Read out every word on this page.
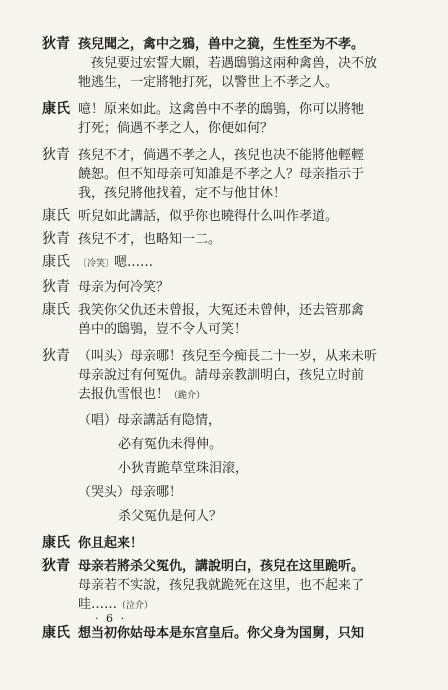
狄 青 孩兒聞之，禽中之鴉，兽中之獍，生性至为不孝。
孩兒要过宏誓大願，若遇鴟鴞这兩种禽兽，决不放
牠逃生，一定將牠打死，以警世上不孝之人。
康 氏 噫！原来如此。这禽兽中不孝的鴟鴞，你可以將牠
打死；倘遇不孝之人，你便如何？
狄 青 孩兒不才，倘遇不孝之人，孩兒也决不能將他輕輕
饒恕。但不知母亲可知誰是不孝之人？母亲指示于
我，孩兒將他找着，定不与他甘休！
康 氏 听兒如此講話，似乎你也曉得什么叫作孝道。
狄 青 孩兒不才，也略知一二。
康 氏 〔冷笑〕嗯……
狄 青 母亲为何冷笑？
康 氏 我笑你父仇还未曾报，大冤还未曾伸，还去管那禽
兽中的鴟鴞，豈不令人可笑！
狄 青 （叫头）母亲哪！孩兒至今痴長二十一岁，从来未听
母亲說过有何冤仇。請母亲教訓明白，孩兒立时前
去报仇雪恨也！（跪介）
（唱）母亲講話有隐情，
必有冤仇未得伸。
小狄青跪草堂珠泪滚，
（哭头）母亲哪！
杀父冤仇是何人？
康 氏 你且起来！
狄 青 母亲若將杀父冤仇，講說明白，孩兒在这里跪听。
母亲若不实說，孩兒我就跪死在这里，也不起来了
哇……（泣介）
康 氏 想当初你姑母本是东宫皇后。你父身为国舅，只知
· 6 ·
